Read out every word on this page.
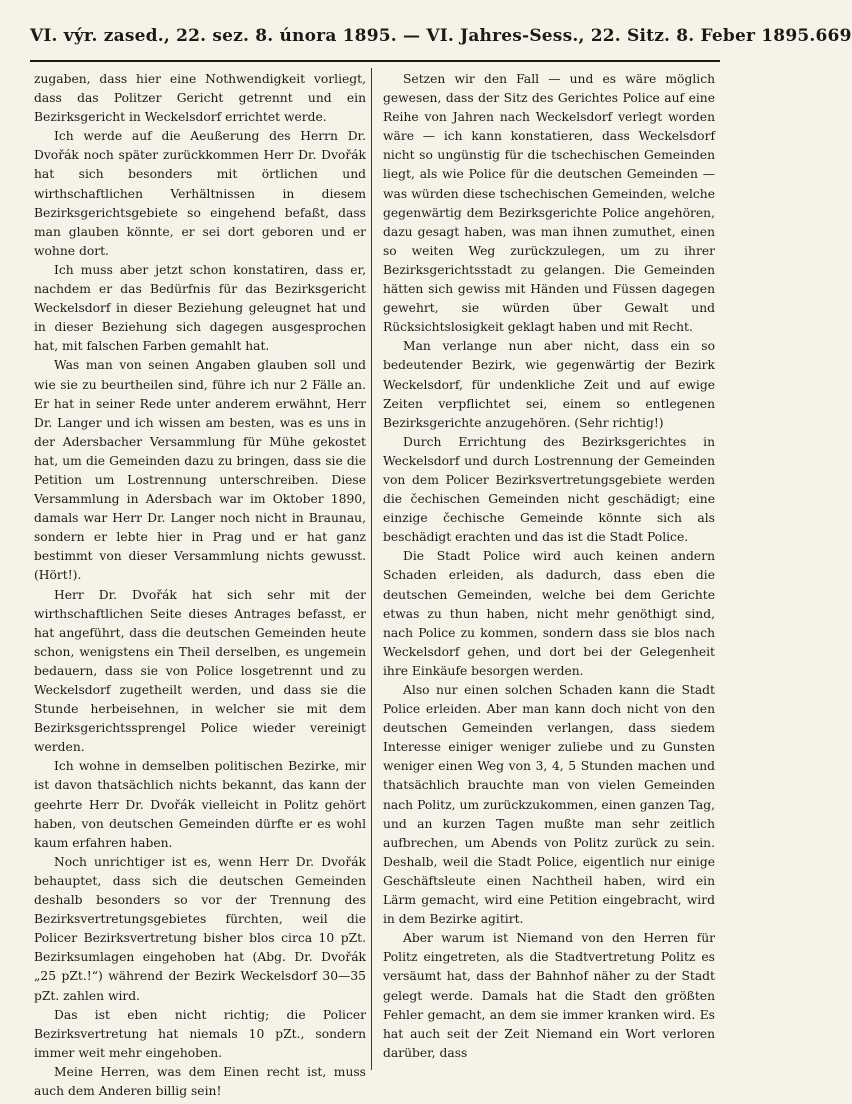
VI. výr. zased., 22. sez. 8. února 1895. — VI. Jahres-Sess., 22. Sitz. 8. Feber 1895. 669

zugaben, dass hier eine Nothwendigkeit vorliegt, dass das Politzer Gericht getrennt und ein Bezirksgericht in Weckelsdorf errichtet werde.

Ich werde auf die Aeußerung des Herrn Dr. Dvořák noch später zurückkommen Herr Dr. Dvořák hat sich besonders mit örtlichen und wirthschaftlichen Verhältnissen in diesem Bezirksgerichtsgebiete so eingehend befaßt, dass man glauben könnte, er sei dort geboren und er wohne dort.

Ich muss aber jetzt schon konstatiren, dass er, nachdem er das Bedürfnis für das Bezirksgericht Weckelsdorf in dieser Beziehung geleugnet hat und in dieser Beziehung sich dagegen ausgesprochen hat, mit falschen Farben gemahlt hat.

Was man von seinen Angaben glauben soll und wie sie zu beurtheilen sind, führe ich nur 2 Fälle an. Er hat in seiner Rede unter anderem erwähnt, Herr Dr. Langer und ich wissen am besten, was es uns in der Adersbacher Versammlung für Mühe gekostet hat, um die Gemeinden dazu zu bringen, dass sie die Petition um Lostrennung unterschreiben. Diese Versammlung in Adersbach war im Oktober 1890, damals war Herr Dr. Langer noch nicht in Braunau, sondern er lebte hier in Prag und er hat ganz bestimmt von dieser Versammlung nichts gewusst. (Hört!).

Herr Dr. Dvořák hat sich sehr mit der wirthschaftlichen Seite dieses Antrages befasst, er hat angeführt, dass die deutschen Gemeinden heute schon, wenigstens ein Theil derselben, es ungemein bedauern, dass sie von Police losgetrennt und zu Weckelsdorf zugetheilt werden, und dass sie die Stunde herbeisehnen, in welcher sie mit dem Bezirksgerichtssprengel Police wieder vereinigt werden.

Ich wohne in demselben politischen Bezirke, mir ist davon thatsächlich nichts bekannt, das kann der geehrte Herr Dr. Dvořák vielleicht in Politz gehört haben, von deutschen Gemeinden dürfte er es wohl kaum erfahren haben.

Noch unrichtiger ist es, wenn Herr Dr. Dvořák behauptet, dass sich die deutschen Gemeinden deshalb besonders so vor der Trennung des Bezirksvertretungsgebietes fürchten, weil die Policer Bezirksvertretung bisher blos circa 10 pZt. Bezirksumlagen eingehoben hat (Abg. Dr. Dvořák „25 pZt.!“) während der Bezirk Weckelsdorf 30—35 pZt. zahlen wird.

Das ist eben nicht richtig; die Policer Bezirksvertretung hat niemals 10 pZt., sondern immer weit mehr eingehoben.

Meine Herren, was dem Einen recht ist, muss auch dem Anderen billig sein!

Setzen wir den Fall — und es wäre möglich gewesen, dass der Sitz des Gerichtes Police auf eine Reihe von Jahren nach Weckelsdorf verlegt worden wäre — ich kann konstatieren, dass Weckelsdorf nicht so ungünstig für die tschechischen Gemeinden liegt, als wie Police für die deutschen Gemeinden — was würden diese tschechischen Gemeinden, welche gegenwärtig dem Bezirksgerichte Police angehören, dazu gesagt haben, was man ihnen zumuthet, einen so weiten Weg zurückzulegen, um zu ihrer Bezirksgerichtsstadt zu gelangen. Die Gemeinden hätten sich gewiss mit Händen und Füssen dagegen gewehrt, sie würden über Gewalt und Rücksichtslosigkeit geklagt haben und mit Recht.

Man verlange nun aber nicht, dass ein so bedeutender Bezirk, wie gegenwärtig der Bezirk Weckelsdorf, für undenkliche Zeit und auf ewige Zeiten verpflichtet sei, einem so entlegenen Bezirksgerichte anzugehören. (Sehr richtig!)

Durch Errichtung des Bezirksgerichtes in Weckelsdorf und durch Lostrennung der Gemeinden von dem Policer Bezirksvertretungsgebiete werden die čechischen Gemeinden nicht geschädigt; eine einzige čechische Gemeinde könnte sich als beschädigt erachten und das ist die Stadt Police.

Die Stadt Police wird auch keinen andern Schaden erleiden, als dadurch, dass eben die deutschen Gemeinden, welche bei dem Gerichte etwas zu thun haben, nicht mehr genöthigt sind, nach Police zu kommen, sondern dass sie blos nach Weckelsdorf gehen, und dort bei der Gelegenheit ihre Einkäufe besorgen werden.

Also nur einen solchen Schaden kann die Stadt Police erleiden. Aber man kann doch nicht von den deutschen Gemeinden verlangen, dass siedem Interesse einiger weniger zuliebe und zu Gunsten weniger einen Weg von 3, 4, 5 Stunden machen und thatsächlich brauchte man von vielen Gemeinden nach Politz, um zurückzukommen, einen ganzen Tag, und an kurzen Tagen mußte man sehr zeitlich aufbrechen, um Abends von Politz zurück zu sein. Deshalb, weil die Stadt Police, eigentlich nur einige Geschäftsleute einen Nachtheil haben, wird ein Lärm gemacht, wird eine Petition eingebracht, wird in dem Bezirke agitirt.

Aber warum ist Niemand von den Herren für Politz eingetreten, als die Stadtvertretung Politz es versäumt hat, dass der Bahnhof näher zu der Stadt gelegt werde. Damals hat die Stadt den größten Fehler gemacht, an dem sie immer kranken wird. Es hat auch seit der Zeit Niemand ein Wort verloren darüber, dass
